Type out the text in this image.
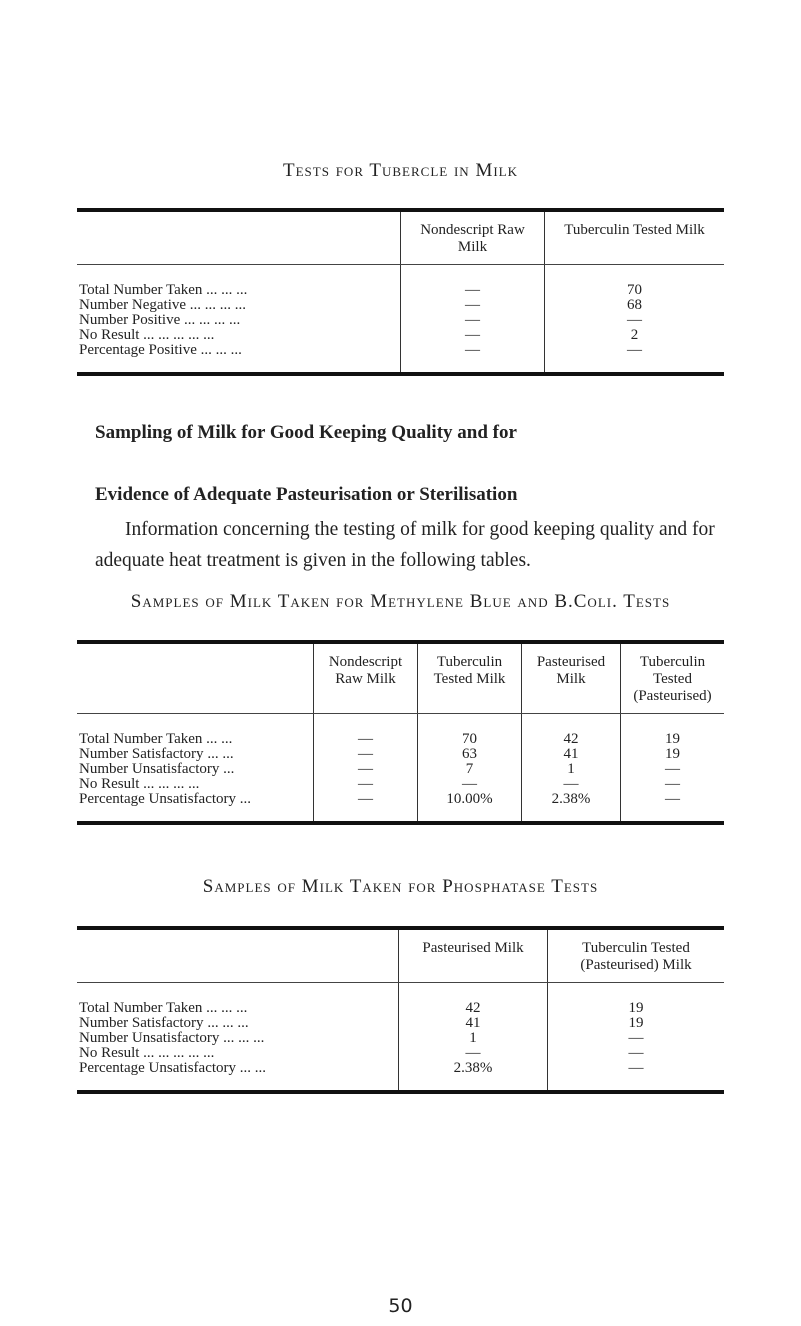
Tests for Tubercle in Milk
	Nondescript Raw Milk	Tuberculin Tested Milk
Total Number Taken ... ... ...	—	70
Number Negative ... ... ... ...	—	68
Number Positive ... ... ... ...	—	—
No Result ... ... ... ... ...	—	2
Percentage Positive ... ... ...	—	—
Sampling of Milk for Good Keeping Quality and for
Evidence of Adequate Pasteurisation or Sterilisation

Information concerning the testing of milk for good keeping quality and for adequate heat treatment is given in the following tables.

Samples of Milk Taken for Methylene Blue and B.Coli. Tests
	Nondescript Raw Milk	Tuberculin Tested Milk	Pasteurised Milk	Tuberculin Tested (Pasteurised)
Total Number Taken ... ...	—	70	42	19
Number Satisfactory ... ...	—	63	41	19
Number Unsatisfactory ...	—	7	1	—
No Result ... ... ... ...	—	—	—	—
Percentage Unsatisfactory ...	—	10.00%	2.38%	—
Samples of Milk Taken for Phosphatase Tests
	Pasteurised Milk	Tuberculin Tested (Pasteurised) Milk
Total Number Taken ... ... ...	42	19
Number Satisfactory ... ... ...	41	19
Number Unsatisfactory ... ... ...	1	—
No Result ... ... ... ... ...	—	—
Percentage Unsatisfactory ... ...	2.38%	—
50
